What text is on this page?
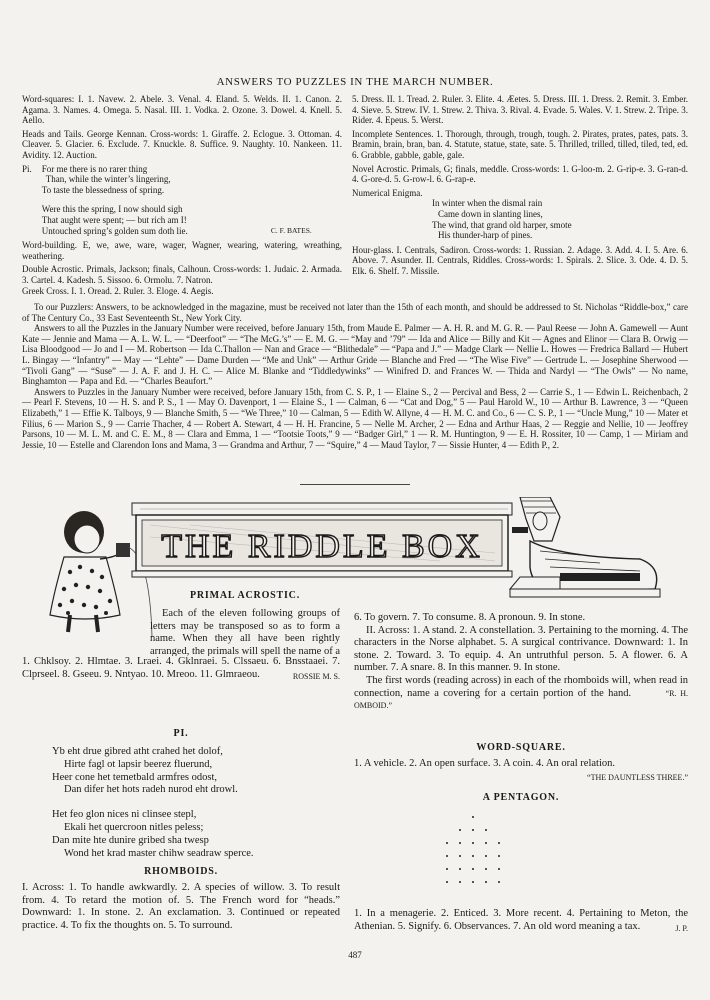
ANSWERS TO PUZZLES IN THE MARCH NUMBER.

Word-squares: I. 1. Navew. 2. Abele. 3. Venal. 4. Eland. 5. Welds. II. 1. Canon. 2. Agama. 3. Names. 4. Omega. 5. Nasal. III. 1. Vodka. 2. Ozone. 3. Dowel. 4. Knell. 5. Aello.

Heads and Tails. George Kennan. Cross-words: 1. Giraffe. 2. Eclogue. 3. Ottoman. 4. Cleaver. 5. Glacier. 6. Exclude. 7. Knuckle. 8. Suffice. 9. Naughty. 10. Nankeen. 11. Avidity. 12. Auction.

Pi. For me there is no rarer thing
Than, while the winter’s lingering,
To taste the blessedness of spring.
Were this the spring, I now should sigh
That aught were spent; — but rich am I!
Untouched spring’s golden sum doth lie.	C. F. BATES.

Word-building. E, we, awe, ware, wager, Wagner, wearing, watering, wreathing, weathering.

Double Acrostic. Primals, Jackson; finals, Calhoun. Cross-words: 1. Judaic. 2. Armada. 3. Cartel. 4. Kadesh. 5. Sissoo. 6. Ormolu. 7. Natron.

Greek Cross. I. 1. Oread. 2. Ruler. 3. Eloge. 4. Aegis.

5. Dress. II. 1. Tread. 2. Ruler. 3. Elite. 4. Æetes. 5. Dress. III. 1. Dress. 2. Remit. 3. Ember. 4. Sieve. 5. Strew. IV. 1. Strew. 2. Thiva. 3. Rival. 4. Evade. 5. Wales. V. 1. Strew. 2. Tripe. 3. Rider. 4. Epeus. 5. Werst.

Incomplete Sentences. 1. Thorough, through, trough, tough. 2. Pirates, prates, pates, pats. 3. Bramin, brain, bran, ban. 4. Statute, statue, state, sate. 5. Thrilled, trilled, tilled, tiled, ted, ed. 6. Grabble, gabble, gable, gale.

Novel Acrostic. Primals, G; finals, meddle. Cross-words: 1. G-loo-m. 2. G-rip-e. 3. G-ran-d. 4. G-ore-d. 5. G-row-l. 6. G-rap-e.

Numerical Enigma.

In winter when the dismal rain
Came down in slanting lines,
The wind, that grand old harper, smote
His thunder-harp of pines.

Hour-glass. I. Centrals, Sadiron. Cross-words: 1. Russian. 2. Adage. 3. Add. 4. I. 5. Are. 6. Above. 7. Asunder. II. Centrals, Riddles. Cross-words: 1. Spirals. 2. Slice. 3. Ode. 4. D. 5. Elk. 6. Shelf. 7. Missile.

To our Puzzlers: Answers, to be acknowledged in the magazine, must be received not later than the 15th of each month, and should be addressed to St. Nicholas “Riddle-box,” care of The Century Co., 33 East Seventeenth St., New York City.

Answers to all the Puzzles in the January Number were received, before January 15th, from Maude E. Palmer — A. H. R. and M. G. R. — Paul Reese — John A. Gamewell — Aunt Kate — Jennie and Mama — A. L. W. L. — “Deerfoot” — “The McG.’s” — E. M. G. — “May and ’79” — Ida and Alice — Billy and Kit — Agnes and Elinor — Clara B. Orwig — Lisa Bloodgood — Jo and I — M. Robertson — Ida C.Thallon — Nan and Grace — “Blithedale” — “Papa and J.” — Madge Clark — Nellie L. Howes — Fredrica Ballard — Hubert L. Bingay — “Infantry” — May — “Lehte” — Dame Durden — “Me and Unk” — Arthur Gride — Blanche and Fred — “The Wise Five” — Gertrude L. — Josephine Sherwood — “Tivoli Gang” — “Suse” — J. A. F. and J. H. C. — Alice M. Blanke and “Tiddledywinks” — Winifred D. and Frances W. — Thida and Nardyl — “The Owls” — No name, Binghamton — Papa and Ed. — “Charles Beaufort.”

Answers to Puzzles in the January Number were received, before January 15th, from C. S. P., 1 — Elaine S., 2 — Percival and Bess, 2 — Carrie S., 1 — Edwin L. Reichenbach, 2 — Pearl F. Stevens, 10 — H. S. and P. S., 1 — May O. Davenport, 1 — Elaine S., 1 — Calman, 6 — “Cat and Dog,” 5 — Paul Harold W., 10 — Arthur B. Lawrence, 3 — “Queen Elizabeth,” 1 — Effie K. Talboys, 9 — Blanche Smith, 5 — “We Three,” 10 — Calman, 5 — Edith W. Allyne, 4 — H. M. C. and Co., 6 — C. S. P., 1 — “Uncle Mung,” 10 — Mater et Filius, 6 — Marion S., 9 — Carrie Thacher, 4 — Robert A. Stewart, 4 — H. H. Francine, 5 — Nelle M. Archer, 2 — Edna and Arthur Haas, 2 — Reggie and Nellie, 10 — Jeoffrey Parsons, 10 — M. L. M. and C. E. M., 8 — Clara and Emma, 1 — “Tootsie Toots,” 9 — “Badger Girl,” 1 — R. M. Huntington, 9 — E. H. Rossiter, 10 — Camp, 1 — Miriam and Jessie, 10 — Estelle and Clarendon Ions and Mama, 3 — Grandma and Arthur, 7 — “Squire,” 4 — Maud Taylor, 7 — Sissie Hunter, 4 — Edith P., 2.

THE RIDDLE BOX
PRIMAL ACROSTIC.
Each of the eleven following groups of letters may be transposed so as to form a name. When they all have been rightly arranged, the primals will spell the name of a
1. Chklsoy. 2. Hlmtae. 3. Lraei. 4. Gklnraei. 5. Clssaeu. 6. Bnsstaaei. 7. Clprseel. 8. Gseeu. 9. Nntyao. 10. Mreoo. 11. Glmraeou.	ROSSIE M. S.
PI.
Yb eht drue gibred atht crahed het dolof,
Hirte fagl ot lapsir beerez fluerund,
Heer cone het temetbald armfres odost,
Dan difer het hots radeh nurod eht drowl.
Het feo glon nices ni clinsee stepl,
Ekali het quercroon nitles peless;
Dan mite hte dunire gribed sha twesp
Wond het krad master chihw seadraw sperce.
RHOMBOIDS.
I. Across: 1. To handle awkwardly. 2. A species of willow. 3. To result from. 4. To retard the motion of. 5. The French word for “heads.” Downward: 1. In stone. 2. An exclamation. 3. Continued or repeated practice. 4. To fix the thoughts on. 5. To surround.

6. To govern. 7. To consume. 8. A pronoun. 9. In stone.

II. Across: 1. A stand. 2. A constellation. 3. Pertaining to the morning. 4. The characters in the Norse alphabet. 5. A surgical contrivance. Downward: 1. In stone. 2. Toward. 3. To equip. 4. An untruthful person. 5. A flower. 6. A number. 7. A snare. 8. In this manner. 9. In stone.

The first words (reading across) in each of the rhomboids will, when read in connection, name a covering for a certain portion of the hand.	“R. H. OMBOID.”

WORD-SQUARE.
1. A vehicle. 2. An open surface. 3. A coin. 4. An oral relation.
“THE DAUNTLESS THREE.”
A PENTAGON.
1. In a menagerie. 2. Enticed. 3. More recent. 4. Pertaining to Meton, the Athenian. 5. Signify. 6. Observances. 7. An old word meaning a tax.	J. P.
487
